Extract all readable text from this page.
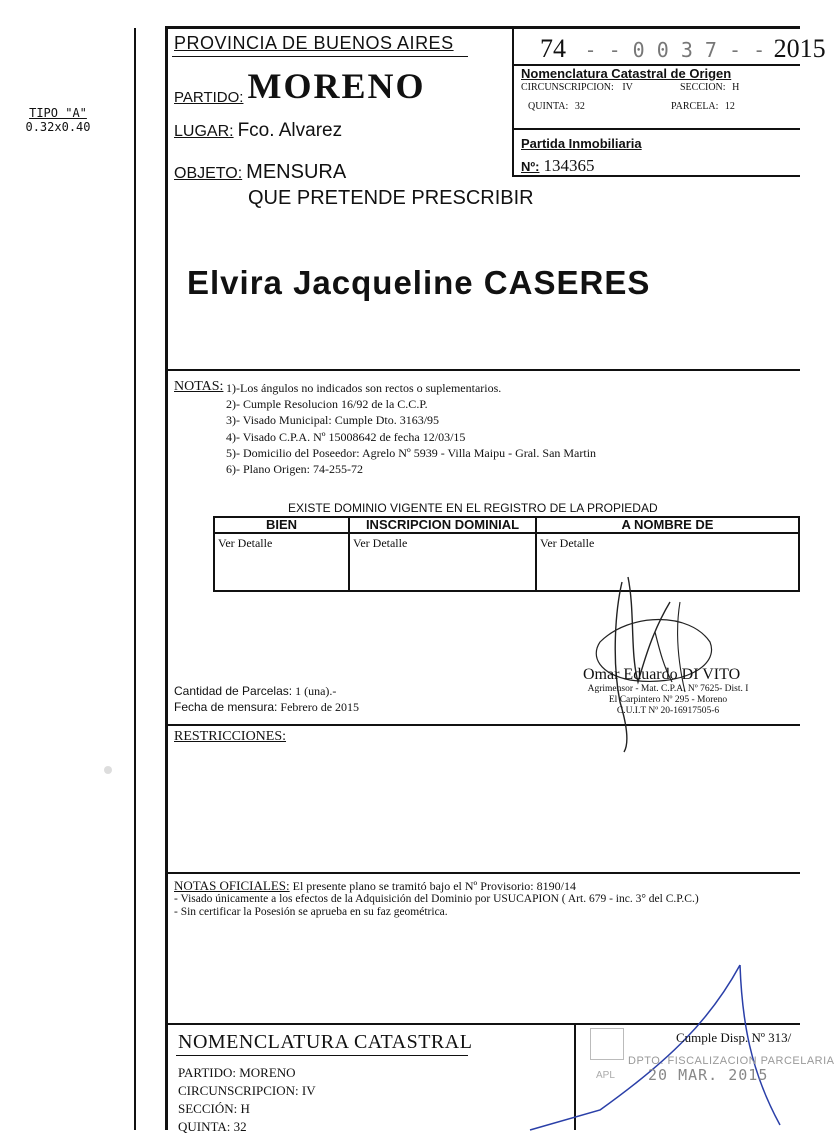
TIPO "A"
0.32x0.40
PROVINCIA DE BUENOS AIRES
PARTIDO: MORENO
LUGAR: Fco. Alvarez
OBJETO: MENSURA
QUE PRETENDE PRESCRIBIR
74 - - 0 0 3 7 - - 2015
Nomenclatura Catastral de Origen
CIRCUNSCRIPCION: IV	SECCION: H
QUINTA: 32	PARCELA: 12
Partida Inmobiliaria
Nº: 134365
Elvira Jacqueline CASERES
NOTAS: 1)-Los ángulos no indicados son rectos o suplementarios.
2)- Cumple Resolucion 16/92 de la C.C.P.
3)- Visado Municipal: Cumple Dto. 3163/95
4)- Visado C.P.A. Nº 15008642 de fecha 12/03/15
5)- Domicilio del Poseedor: Agrelo Nº 5939 - Villa Maipu - Gral. San Martin
6)- Plano Origen: 74-255-72
EXISTE DOMINIO VIGENTE EN EL REGISTRO DE LA PROPIEDAD
BIEN	INSCRIPCION DOMINIAL	A NOMBRE DE
Ver Detalle	Ver Detalle	Ver Detalle
Omar Eduardo DI VITO
Agrimensor - Mat. C.P.A. Nº 7625- Dist. I
El Carpintero Nº 295 - Moreno
C.U.I.T Nº 20-16917505-6
Cantidad de Parcelas: 1 (una).-
Fecha de mensura: Febrero de 2015
RESTRICCIONES:
NOTAS OFICIALES: El presente plano se tramitó bajo el Nº Provisorio: 8190/14
- Visado únicamente a los efectos de la Adquisición del Dominio por USUCAPION ( Art. 679 - inc. 3° del C.P.C.)
- Sin certificar la Posesión se aprueba en su faz geométrica.
NOMENCLATURA CATASTRAL
PARTIDO: MORENO
CIRCUNSCRIPCION: IV
SECCIÓN: H
QUINTA: 32
Cumple Disp. Nº 313/
DPTO. FISCALIZACION PARCELARIA
APL 20 MAR. 2015
